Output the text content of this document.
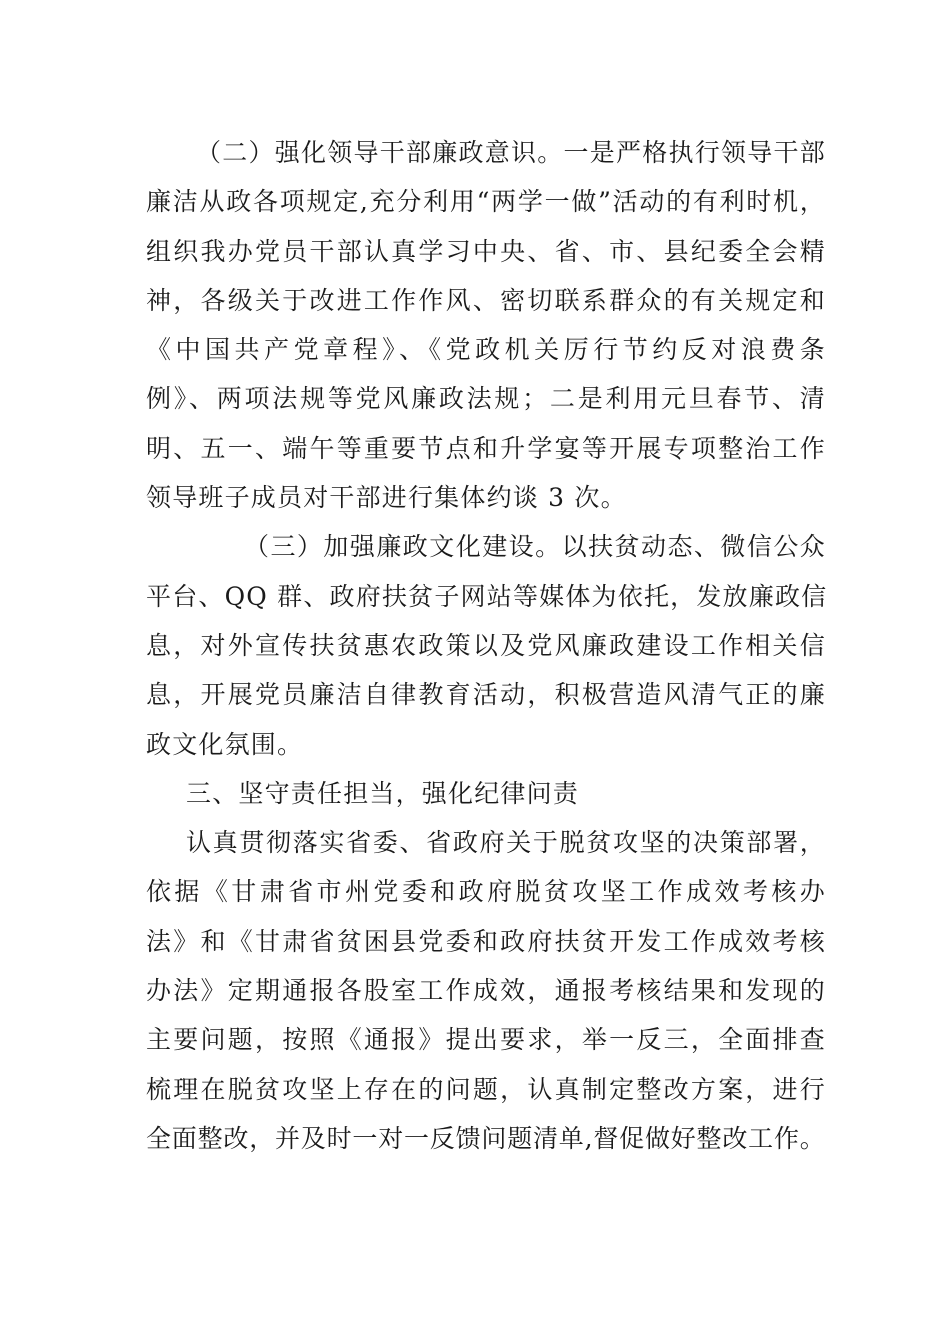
（二）强化领导干部廉政意识。一是严格执行领导干部
廉洁从政各项规定,充分利用“两学一做”活动的有利时机，
组织我办党员干部认真学习中央、省、市、县纪委全会精
神，各级关于改进工作作风、密切联系群众的有关规定和
《中国共产党章程》、《党政机关厉行节约反对浪费条
例》、两项法规等党风廉政法规；二是利用元旦春节、清
明、五一、端午等重要节点和升学宴等开展专项整治工作
领导班子成员对干部进行集体约谈 3 次。
（三）加强廉政文化建设。以扶贫动态、微信公众
平台、QQ 群、政府扶贫子网站等媒体为依托，发放廉政信
息，对外宣传扶贫惠农政策以及党风廉政建设工作相关信
息，开展党员廉洁自律教育活动，积极营造风清气正的廉
政文化氛围。
三、坚守责任担当，强化纪律问责
认真贯彻落实省委、省政府关于脱贫攻坚的决策部署，
依据《甘肃省市州党委和政府脱贫攻坚工作成效考核办
法》和《甘肃省贫困县党委和政府扶贫开发工作成效考核
办法》定期通报各股室工作成效，通报考核结果和发现的
主要问题，按照《通报》提出要求，举一反三，全面排查
梳理在脱贫攻坚上存在的问题，认真制定整改方案，进行
全面整改，并及时一对一反馈问题清单,督促做好整改工作。
